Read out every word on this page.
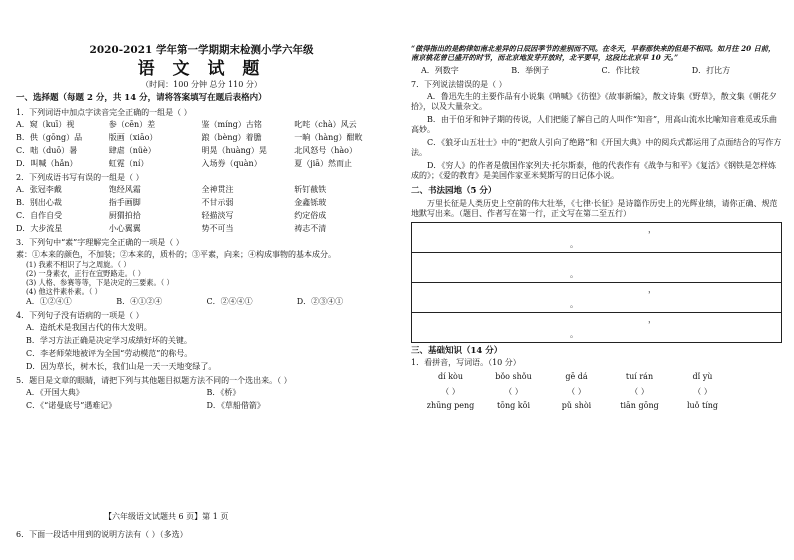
2020-2021 学年第一学期期末检测小学六年级
语 文 试 题
（时间：100 分钟 总分 110 分）
一、选择题（每题 2 分，共 14 分，请将答案填写在题后表格内）
1．下列词语中加点字读音完全正确的一组是（ ）
A．窥（kuī）视	参（cēn）差	鉴（míng）古铭	叱咤（chà）风云
B．供（gōng）品	版画（xiāo）	踉（bèng）着膽	一晌（hàng）酣畋
C．咄（duō）暑	肆虐（nüè）	明晃（huàng）晃	北风怒号（hào）
D．叫喊（hǎn）	虹霓（ní）	入场券（quàn）	夏（jiā）然而止
2．下列成语书写有误的一组是（ ）
A．张冠李戴	饱经风霜	全神贯注	斩钉截铁
B．别出心裁	指手画脚	不甘示弱	金鑫铄玻
C．自作自受	厨猬拍拾	轻描淡写	约定俗成
D．大步流星	小心翼翼	势不可当	祷志不清
3．下列句中“素”字理解完全正确的一项是（ ）
素：①本来的颜色，不加装；②本来的，质朴的；③平素，向来；④构成事物的基本成分。
(1) 我素不相识了与之周旋。（ ）
(2) 一身素衣，正行在宜野路走。（ ）
(3) 人格、参赛等等，下是决定的三要素。（ ）
(4) 他这件素朴素。（ ）
A．①②④①	B．④①②④	C．②④④①	D．②③④①
4．下列句子没有语病的一项是（ ）
A．造纸术是我国古代的伟大发明。
B．学习方法正确是决定学习成绩好坏的关键。
C．李老师荣地被评为全国“劳动模范”的称号。
D．因为草长，树木长，我们山是一天一天地变绿了。
5．题目是文章的眼睛，请把下列与其他题目拟题方法不同的一个选出来。（ ）
A．《开国大典》	B．《桥》
C．《“诺曼底号”遇难记》	D．《草船借箭》
【六年级语文试题共 6 页】第 1 页
6．下面一段话中用到的说明方法有（ ）（多选）
“做得指出的是韵律如南北差异的日辰因季节的差别而不同。在冬天，早春那快来的但是不相同。如月往 20 日前，南京桃花曾已盛开的时节，而北京地发芽开放时，北平要早，这段比北京早 10 天。”
A．列数字	B．举例子	C．作比较	D．打比方
7．下列说法错误的是（ ）
A．鲁迅先生的主要作品有小说集《呐喊》《彷徨》《故事新编》，散文诗集《野草》，散文集《朝花夕拾》，以及大量杂文。
B．由于伯牙和钟子期的传说，人们把能了解自己的人叫作“知音”，用高山流水比喻知音难觅或乐曲高妙。
C．《狼牙山五壮士》中的“把敌人引向了绝路”和《开国大典》中的阅兵式都运用了点面结合的写作方法。
D．《穷人》的作者是俄国作家列夫·托尔斯泰，他的代表作有《战争与和平》《复活》《钢铁是怎样炼成的》；《爱的教育》是美国作家亚米契斯写的日记体小说。
二、书法园地（5 分）
万里长征是人类历史上空前的伟大壮举，《七律·长征》是诗篇作历史上的光辉业绩，请你正确、规范地默写出来。（题目、作者写在第一行，正文写在第二至五行）
，
。
。
，
。
，
。
三、基础知识（14 分）
1．看拼音，写词语。（10 分）
dí kòu	bǒo shǒu	gē dá	tuí rán	dǐ yù
（ ）	（ ）	（ ）	（ ）	（ ）
zhūng peng	tōng kōi	pǔ shòi	tiān gōng	luǒ tíng
